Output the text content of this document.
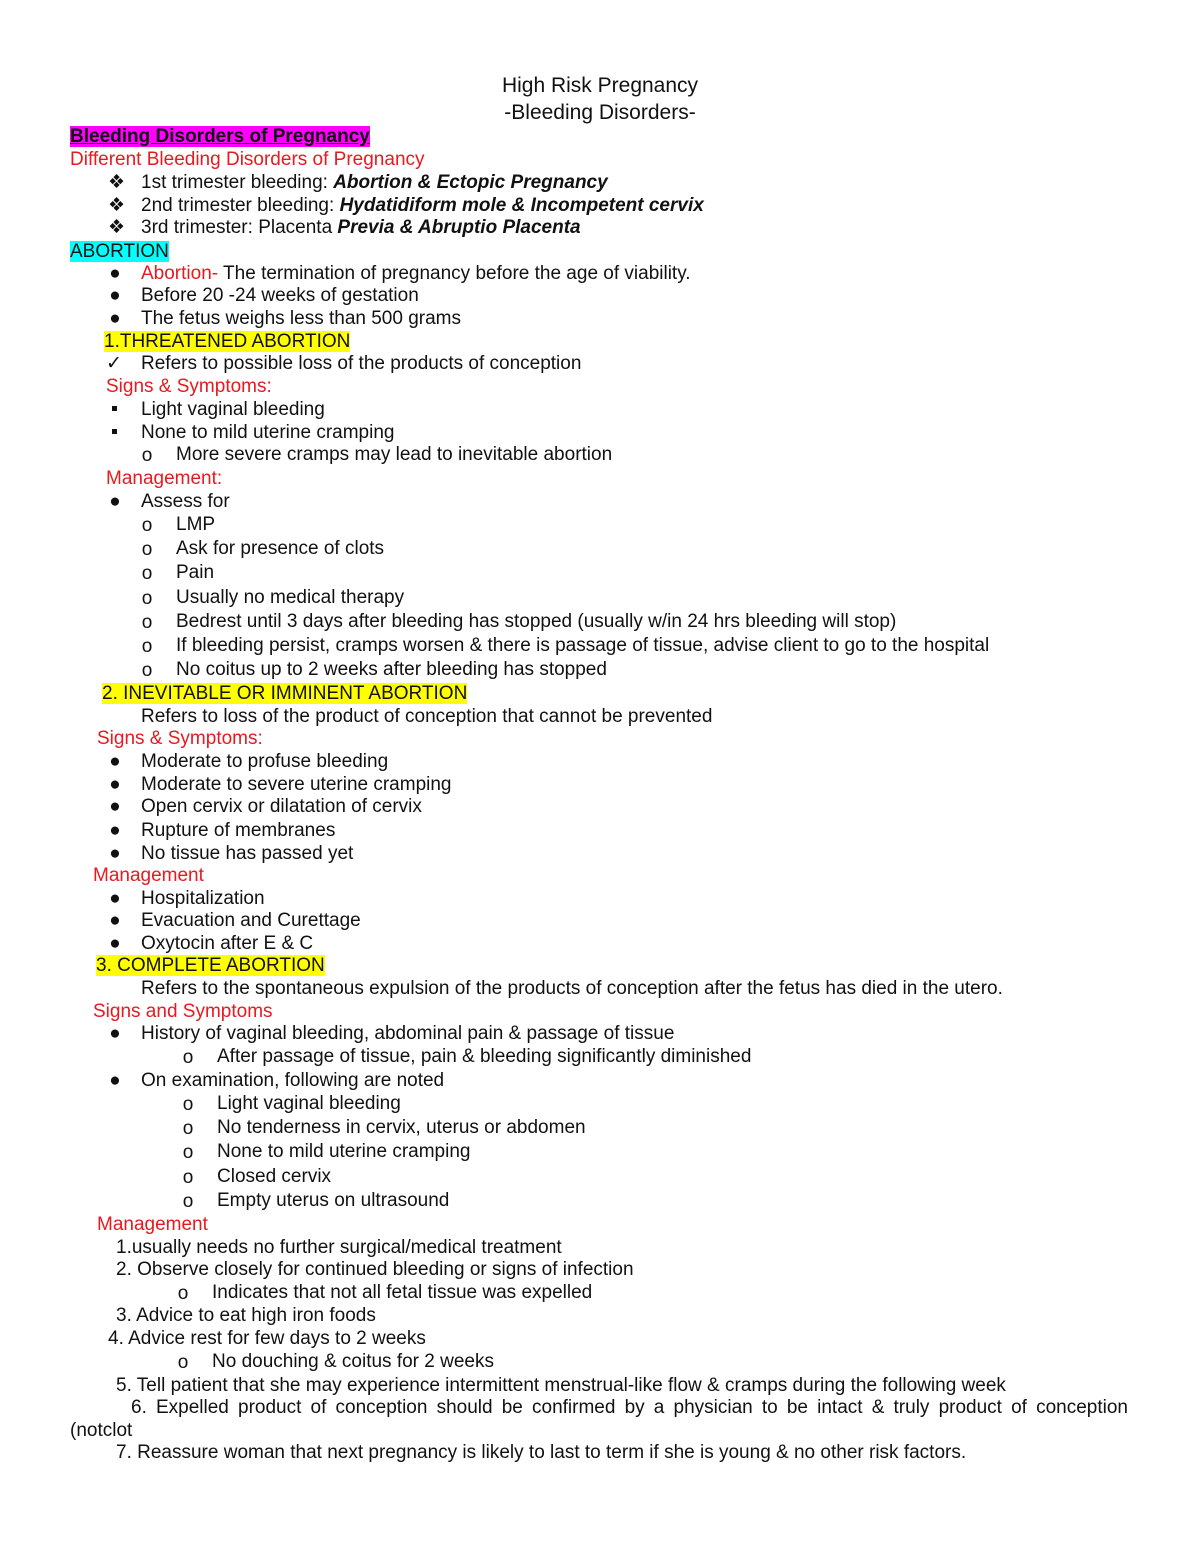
High Risk Pregnancy
-Bleeding Disorders-
Bleeding Disorders of Pregnancy
Different Bleeding Disorders of Pregnancy
❖ 1st trimester bleeding: Abortion & Ectopic Pregnancy
❖ 2nd trimester bleeding: Hydatidiform mole & Incompetent cervix
❖ 3rd trimester: Placenta Previa & Abruptio Placenta
ABORTION
● Abortion- The termination of pregnancy before the age of viability.
● Before 20 -24 weeks of gestation
● The fetus weighs less than 500 grams
1.THREATENED ABORTION
✓ Refers to possible loss of the products of conception
Signs & Symptoms:
Light vaginal bleeding
None to mild uterine cramping
o More severe cramps may lead to inevitable abortion
Management:
● Assess for
o LMP
o Ask for presence of clots
o Pain
o Usually no medical therapy
o Bedrest until 3 days after bleeding has stopped (usually w/in 24 hrs bleeding will stop)
o If bleeding persist, cramps worsen & there is passage of tissue, advise client to go to the hospital
o No coitus up to 2 weeks after bleeding has stopped
2. INEVITABLE OR IMMINENT ABORTION
Refers to loss of the product of conception that cannot be prevented
Signs & Symptoms:
● Moderate to profuse bleeding
● Moderate to severe uterine cramping
● Open cervix or dilatation of cervix
● Rupture of membranes
● No tissue has passed yet
Management
● Hospitalization
● Evacuation and Curettage
● Oxytocin after E & C
3. COMPLETE ABORTION
Refers to the spontaneous expulsion of the products of conception after the fetus has died in the utero.
Signs and Symptoms
● History of vaginal bleeding, abdominal pain & passage of tissue
o After passage of tissue, pain & bleeding significantly diminished
● On examination, following are noted
o Light vaginal bleeding
o No tenderness in cervix, uterus or abdomen
o None to mild uterine cramping
o Closed cervix
o Empty uterus on ultrasound
Management
1.usually needs no further surgical/medical treatment
2. Observe closely for continued bleeding or signs of infection
o Indicates that not all fetal tissue was expelled
3. Advice to eat high iron foods
4. Advice rest for few days to 2 weeks
o No douching & coitus for 2 weeks
5. Tell patient that she may experience intermittent menstrual-like flow & cramps during the following week
6. Expelled product of conception should be confirmed by a physician to be intact & truly product of conception
(notclot
7. Reassure woman that next pregnancy is likely to last to term if she is young & no other risk factors.
